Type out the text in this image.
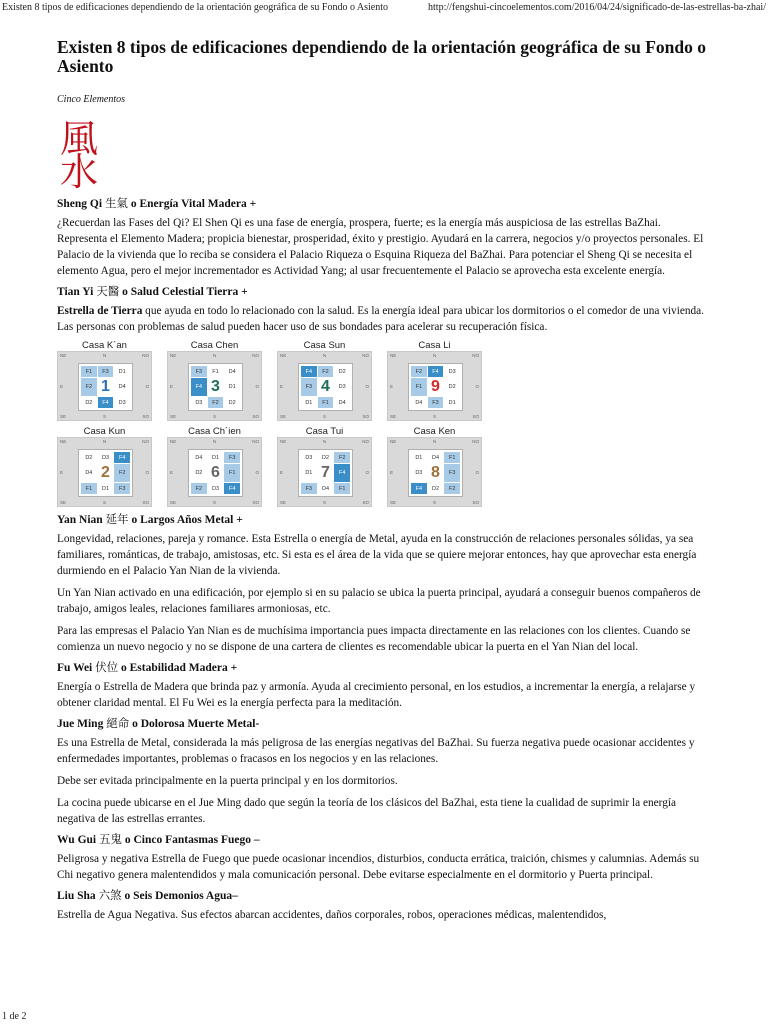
Existen 8 tipos de edificaciones dependiendo de la orientación geográfica de su Fondo o Asiento	http://fengshui-cincoelementos.com/2016/04/24/significado-de-las-estrellas-ba-zhai/
Existen 8 tipos de edificaciones dependiendo de la orientación geográfica de su Fondo o Asiento
Cinco Elementos
風
水
Sheng Qi 生氣 o Energía Vital Madera +

¿Recuerdan las Fases del Qi? El Shen Qi es una fase de energía, prospera, fuerte; es la energía más auspiciosa de las estrellas BaZhai. Representa el Elemento Madera; propicia bienestar, prosperidad, éxito y prestigio. Ayudará en la carrera, negocios y/o proyectos personales. El Palacio de la vivienda que lo reciba se considera el Palacio Riqueza o Esquina Riqueza del BaZhai. Para potenciar el Sheng Qi se necesita el elemento Agua, pero el mejor incrementador es Actividad Yang; al usar frecuentemente el Palacio se aprovecha esta excelente energía.

Tian Yi 天醫 o Salud Celestial Tierra +

Estrella de Tierra que ayuda en todo lo relacionado con la salud. Es la energía ideal para ubicar los dormitorios o el comedor de una vivienda. Las personas con problemas de salud pueden hacer uso de sus bondades para acelerar su recuperación física.

Casa K´an
NE	N	NO
E	O
SE	S	SO
F1	F3	D1
F2 1	D4
D2	F4	D3
Casa Chen
NE	N	NO
E	O
SE	S	SO
F3	F1	D4
F4 3	D1
D3	F2	D2
Casa Sun
NE	N	NO
E	O
SE	S	SO
F4	F2	D2
F3 4	D3
D1	F1	D4
Casa Li
NE	N	NO
E	O
SE	S	SO
F2	F4	D3
F1 9	D2
D4	F3	D1
Casa Kun
NE	N	NO
E	O
SE	S	SO
D2	D3	F4
D4 2	F2
F1	D1	F3
Casa Ch´ien
NE	N	NO
E	O
SE	S	SO
D4	D1	F3
D2 6	F1
F2	D3	F4
Casa Tui
NE	N	NO
E	O
SE	S	SO
D3	D2	F2
D1 7	F4
F3	D4	F1
Casa Ken
NE	N	NO
E	O
SE	S	SO
D1	D4	F1
D3 8	F3
F4	D2	F2
Yan Nian 延年 o Largos Años Metal +

Longevidad, relaciones, pareja y romance. Esta Estrella o energía de Metal, ayuda en la construcción de relaciones personales sólidas, ya sea familiares, románticas, de trabajo, amistosas, etc. Si esta es el área de la vida que se quiere mejorar entonces, hay que aprovechar esta energía durmiendo en el Palacio Yan Nian de la vivienda.

Un Yan Nian activado en una edificación, por ejemplo si en su palacio se ubica la puerta principal, ayudará a conseguir buenos compañeros de trabajo, amigos leales, relaciones familiares armoniosas, etc.

Para las empresas el Palacio Yan Nian es de muchísima importancia pues impacta directamente en las relaciones con los clientes. Cuando se comienza un nuevo negocio y no se dispone de una cartera de clientes es recomendable ubicar la puerta en el Yan Nian del local.

Fu Wei 伏位 o Estabilidad Madera +

Energía o Estrella de Madera que brinda paz y armonía. Ayuda al crecimiento personal, en los estudios, a incrementar la energía, a relajarse y obtener claridad mental. El Fu Wei es la energía perfecta para la meditación.

Jue Ming 絕命 o Dolorosa Muerte Metal-

Es una Estrella de Metal, considerada la más peligrosa de las energías negativas del BaZhai. Su fuerza negativa puede ocasionar accidentes y enfermedades importantes, problemas o fracasos en los negocios y en las relaciones.

Debe ser evitada principalmente en la puerta principal y en los dormitorios.

La cocina puede ubicarse en el Jue Ming dado que según la teoría de los clásicos del BaZhai, esta tiene la cualidad de suprimir la energía negativa de las estrellas errantes.

Wu Gui 五鬼 o Cinco Fantasmas Fuego –

Peligrosa y negativa Estrella de Fuego que puede ocasionar incendios, disturbios, conducta errática, traición, chismes y calumnias. Además su Chi negativo genera malentendidos y mala comunicación personal. Debe evitarse especialmente en el dormitorio y Puerta principal.

Liu Sha 六煞 o Seis Demonios Agua–

Estrella de Agua Negativa. Sus efectos abarcan accidentes, daños corporales, robos, operaciones médicas, malentendidos,

1 de 2
